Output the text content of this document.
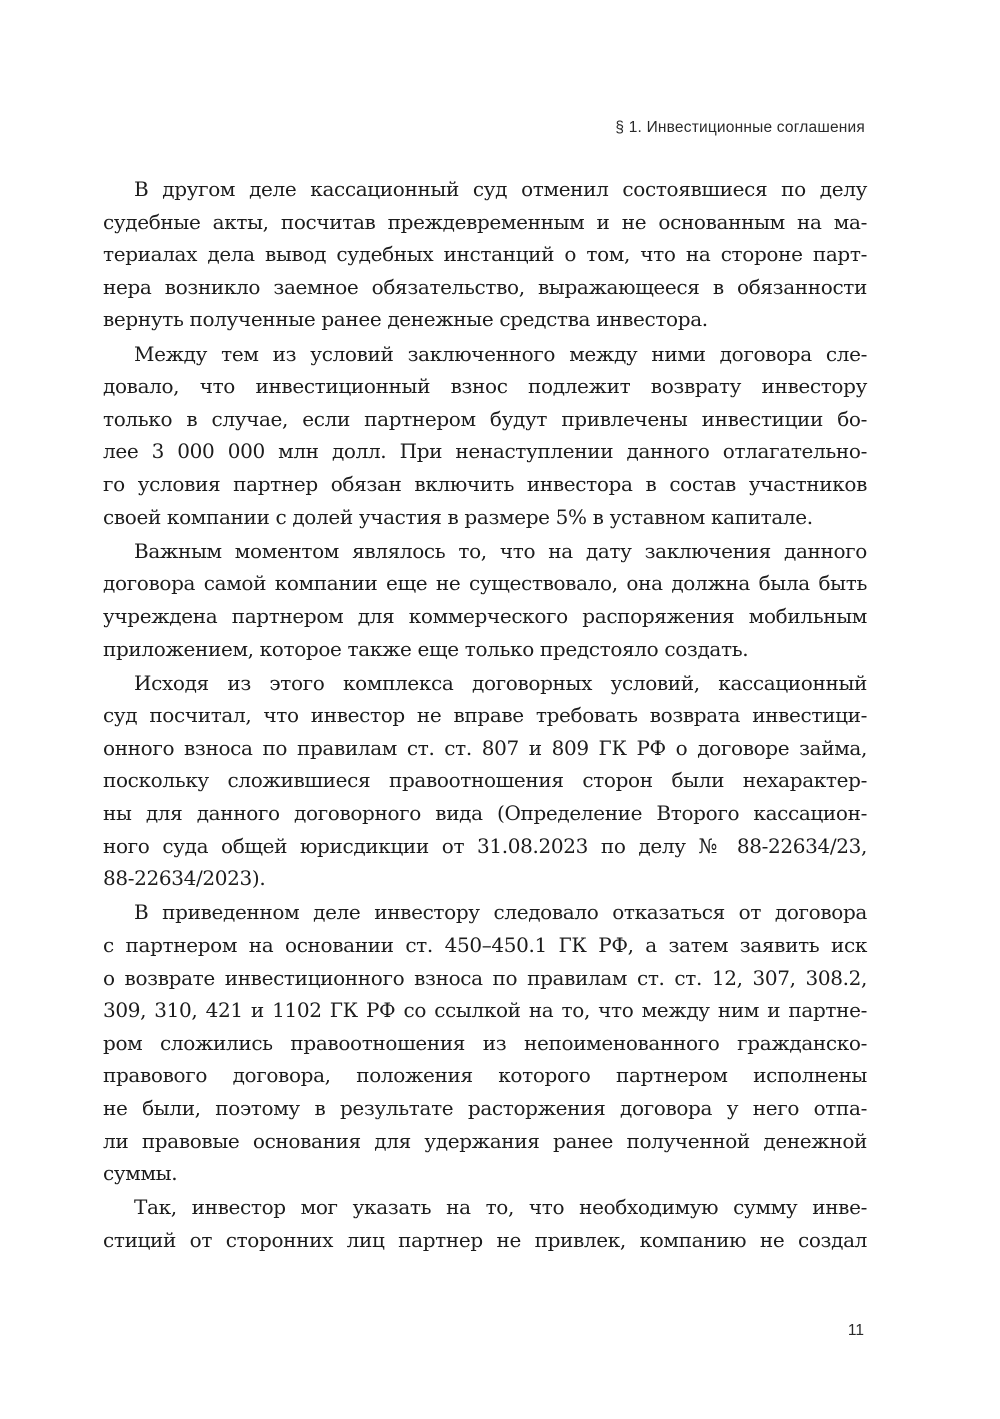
§ 1. Инвестиционные соглашения
В другом деле кассационный суд отменил состоявшиеся по делу
судебные акты, посчитав преждевременным и не основанным на ма-
териалах дела вывод судебных инстанций о том, что на стороне парт-
нера возникло заемное обязательство, выражающееся в обязанности
вернуть полученные ранее денежные средства инвестора.
Между тем из условий заключенного между ними договора сле-
довало, что инвестиционный взнос подлежит возврату инвестору
только в случае, если партнером будут привлечены инвестиции бо-
лее 3 000 000 млн долл. При ненаступлении данного отлагательно-
го условия партнер обязан включить инвестора в состав участников
своей компании с долей участия в размере 5% в уставном капитале.
Важным моментом являлось то, что на дату заключения данного
договора самой компании еще не существовало, она должна была быть
учреждена партнером для коммерческого распоряжения мобильным
приложением, которое также еще только предстояло создать.
Исходя из этого комплекса договорных условий, кассационный
суд посчитал, что инвестор не вправе требовать возврата инвестици-
онного взноса по правилам ст. ст. 807 и 809 ГК РФ о договоре займа,
поскольку сложившиеся правоотношения сторон были нехарактер-
ны для данного договорного вида (Определение Второго кассацион-
ного суда общей юрисдикции от 31.08.2023 по делу № 88-22634/23,
88-22634/2023).
В приведенном деле инвестору следовало отказаться от договора
с партнером на основании ст. 450–450.1 ГК РФ, а затем заявить иск
о возврате инвестиционного взноса по правилам ст. ст. 12, 307, 308.2,
309, 310, 421 и 1102 ГК РФ со ссылкой на то, что между ним и партне-
ром сложились правоотношения из непоименованного гражданско-
правового договора, положения которого партнером исполнены
не были, поэтому в результате расторжения договора у него отпа-
ли правовые основания для удержания ранее полученной денежной
суммы.
Так, инвестор мог указать на то, что необходимую сумму инве-
стиций от сторонних лиц партнер не привлек, компанию не создал
11
